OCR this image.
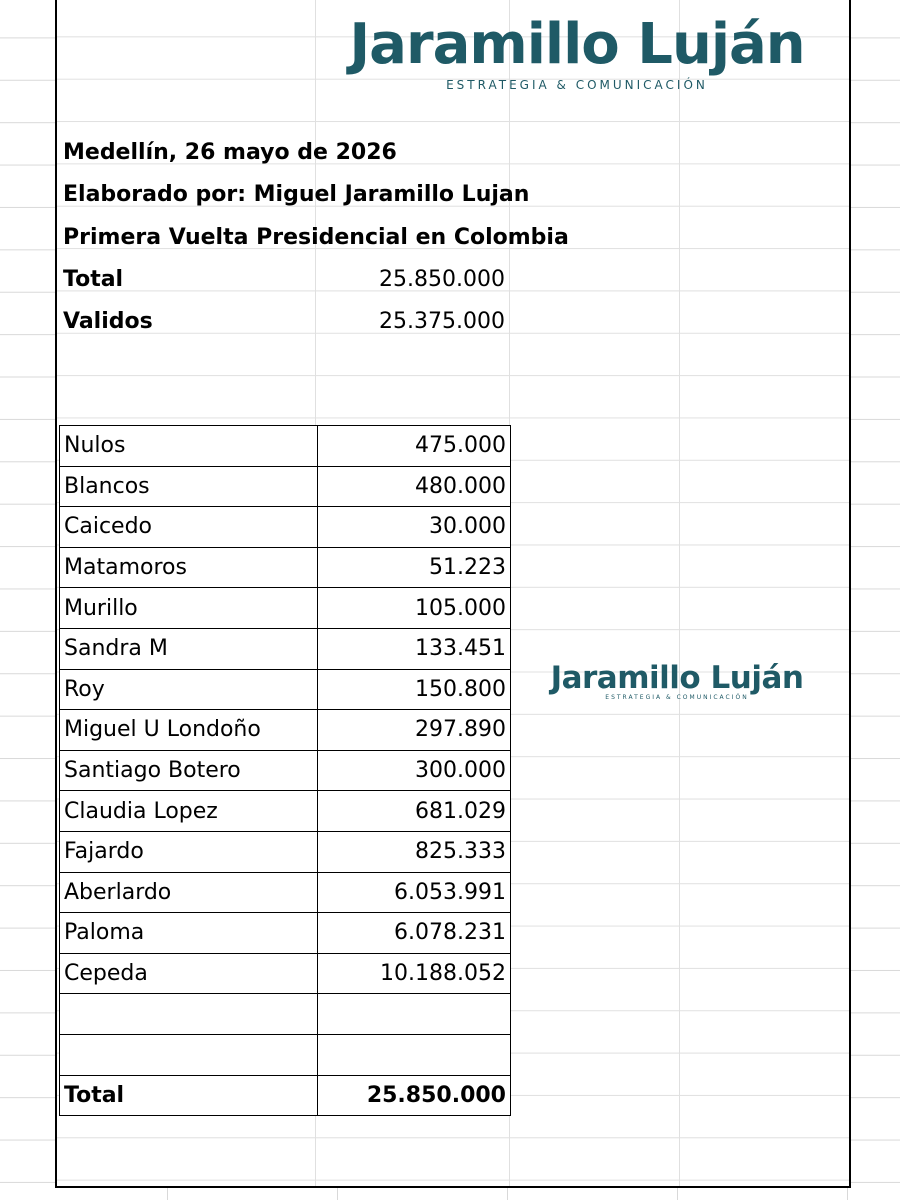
Jaramillo Luján
ESTRATEGIA & COMUNICACIÓN
Medellín, 26 mayo de 2026
Elaborado por: Miguel Jaramillo Lujan
Primera Vuelta Presidencial en Colombia
Total	25.850.000
Validos	25.375.000
Nulos	475.000
Blancos	480.000
Caicedo	30.000
Matamoros	51.223
Murillo	105.000
Sandra M	133.451
Roy	150.800
Miguel U Londoño	297.890
Santiago Botero	300.000
Claudia Lopez	681.029
Fajardo	825.333
Aberlardo	6.053.991
Paloma	6.078.231
Cepeda	10.188.052

Total	25.850.000
Jaramillo Luján
ESTRATEGIA & COMUNICACIÓN
